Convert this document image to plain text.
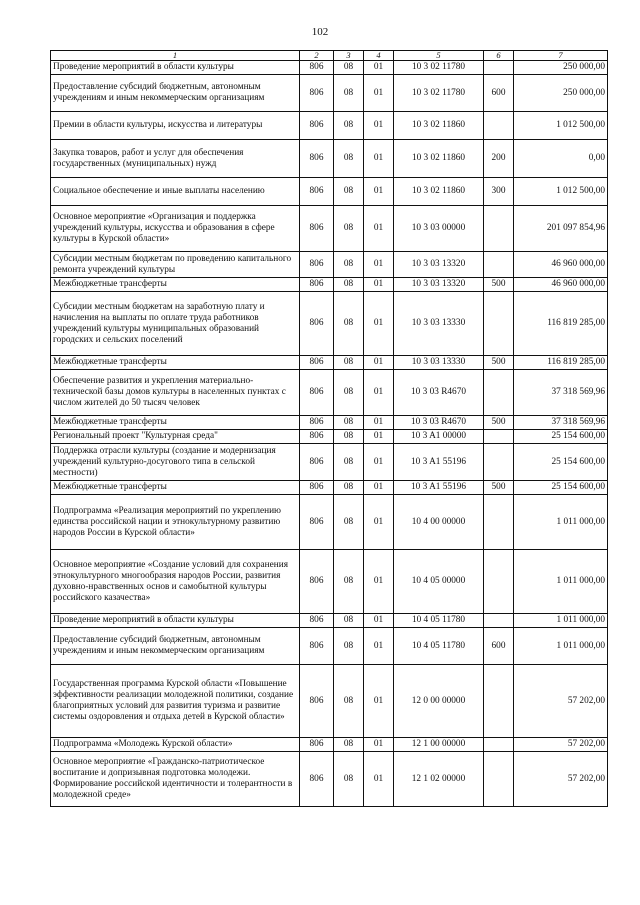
102
1	2	3	4	5	6	7
Проведение мероприятий в области культуры	806	08	01	10 3 02 11780		250 000,00
Предоставление субсидий бюджетным, автономным учреждениям и иным некоммерческим организациям	806	08	01	10 3 02 11780	600	250 000,00
Премии в области культуры, искусства и литературы	806	08	01	10 3 02 11860		1 012 500,00
Закупка товаров, работ и услуг для обеспечения государственных (муниципальных) нужд	806	08	01	10 3 02 11860	200	0,00
Социальное обеспечение и иные выплаты населению	806	08	01	10 3 02 11860	300	1 012 500,00
Основное мероприятие «Организация и поддержка учреждений культуры, искусства и образования в сфере культуры в Курской области»	806	08	01	10 3 03 00000		201 097 854,96
Субсидии местным бюджетам по проведению капитального ремонта учреждений культуры	806	08	01	10 3 03 13320		46 960 000,00
Межбюджетные трансферты	806	08	01	10 3 03 13320	500	46 960 000,00
Субсидии местным бюджетам на заработную плату и начисления на выплаты по оплате труда работников учреждений культуры муниципальных образований городских и сельских поселений	806	08	01	10 3 03 13330		116 819 285,00
Межбюджетные трансферты	806	08	01	10 3 03 13330	500	116 819 285,00
Обеспечение развития и укрепления материально-технической базы домов культуры в населенных пунктах с числом жителей до 50 тысяч человек	806	08	01	10 3 03 R4670		37 318 569,96
Межбюджетные трансферты	806	08	01	10 3 03 R4670	500	37 318 569,96
Региональный проект "Культурная среда"	806	08	01	10 3 A1 00000		25 154 600,00
Поддержка отрасли культуры (создание и модернизация учреждений культурно-досугового типа в сельской местности)	806	08	01	10 3 A1 55196		25 154 600,00
Межбюджетные трансферты	806	08	01	10 3 A1 55196	500	25 154 600,00
Подпрограмма «Реализация мероприятий по укреплению единства российской нации и этнокультурному развитию народов России в Курской области»	806	08	01	10 4 00 00000		1 011 000,00
Основное мероприятие «Создание условий для сохранения этнокультурного многообразия народов России, развития духовно-нравственных основ и самобытной культуры российского казачества»	806	08	01	10 4 05 00000		1 011 000,00
Проведение мероприятий в области культуры	806	08	01	10 4 05 11780		1 011 000,00
Предоставление субсидий бюджетным, автономным учреждениям и иным некоммерческим организациям	806	08	01	10 4 05 11780	600	1 011 000,00
Государственная программа Курской области «Повышение эффективности реализации молодежной политики, создание благоприятных условий для развития туризма и развитие системы оздоровления и отдыха детей в Курской области»	806	08	01	12 0 00 00000		57 202,00
Подпрограмма «Молодежь Курской области»	806	08	01	12 1 00 00000		57 202,00
Основное мероприятие «Гражданско-патриотическое воспитание и допризывная подготовка молодежи. Формирование российской идентичности и толерантности в молодежной среде»	806	08	01	12 1 02 00000		57 202,00
